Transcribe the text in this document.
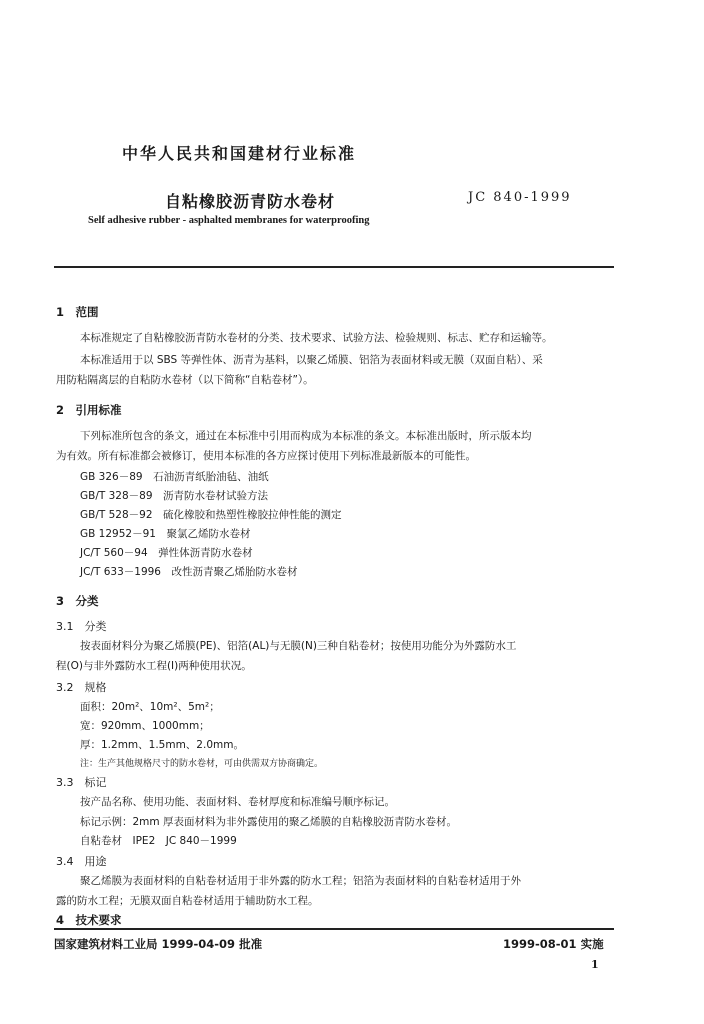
中华人民共和国建材行业标准
自粘橡胶沥青防水卷材	JC 840-1999
Self adhesive rubber - asphalted membranes for waterproofing
1　范围
本标准规定了自粘橡胶沥青防水卷材的分类、技术要求、试验方法、检验规则、标志、贮存和运输等。
本标准适用于以 SBS 等弹性体、沥青为基料，以聚乙烯膜、铝箔为表面材料或无膜（双面自粘）、采
用防粘隔离层的自粘防水卷材（以下简称“自粘卷材”）。
2　引用标准
下列标准所包含的条文，通过在本标准中引用而构成为本标准的条文。本标准出版时，所示版本均
为有效。所有标准都会被修订，使用本标准的各方应探讨使用下列标准最新版本的可能性。
GB 326－89　石油沥青纸胎油毡、油纸
GB/T 328－89　沥青防水卷材试验方法
GB/T 528－92　硫化橡胶和热塑性橡胶拉伸性能的测定
GB 12952－91　聚氯乙烯防水卷材
JC/T 560－94　弹性体沥青防水卷材
JC/T 633－1996　改性沥青聚乙烯胎防水卷材
3　分类
3.1　分类
按表面材料分为聚乙烯膜(PE)、铝箔(AL)与无膜(N)三种自粘卷材；按使用功能分为外露防水工
程(O)与非外露防水工程(I)两种使用状况。
3.2　规格
面积：20m²、10m²、5m²；
宽：920mm、1000mm；
厚：1.2mm、1.5mm、2.0mm。
注：生产其他规格尺寸的防水卷材，可由供需双方协商确定。
3.3　标记
按产品名称、使用功能、表面材料、卷材厚度和标准编号顺序标记。
标记示例：2mm 厚表面材料为非外露使用的聚乙烯膜的自粘橡胶沥青防水卷材。
自粘卷材　IPE2　JC 840－1999
3.4　用途
聚乙烯膜为表面材料的自粘卷材适用于非外露的防水工程；铝箔为表面材料的自粘卷材适用于外
露的防水工程；无膜双面自粘卷材适用于辅助防水工程。
4　技术要求
国家建筑材料工业局 1999-04-09 批准	1999-08-01 实施
1
